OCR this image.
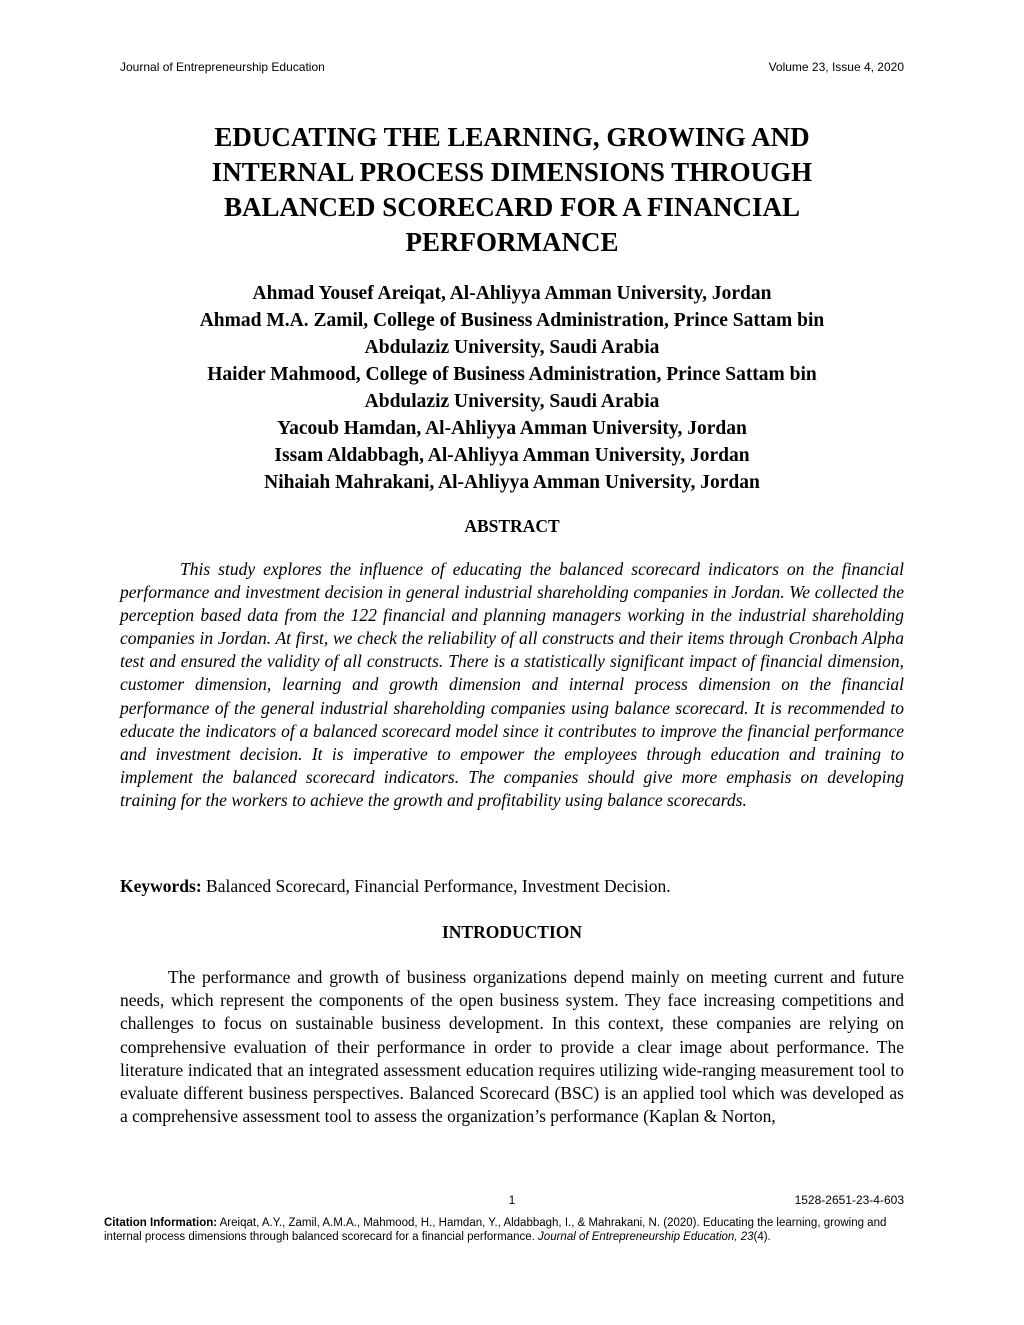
Journal of Entrepreneurship Education	Volume 23, Issue 4, 2020
EDUCATING THE LEARNING, GROWING AND
INTERNAL PROCESS DIMENSIONS THROUGH
BALANCED SCORECARD FOR A FINANCIAL
PERFORMANCE
Ahmad Yousef Areiqat, Al-Ahliyya Amman University, Jordan
Ahmad M.A. Zamil, College of Business Administration, Prince Sattam bin
Abdulaziz University, Saudi Arabia
Haider Mahmood, College of Business Administration, Prince Sattam bin
Abdulaziz University, Saudi Arabia
Yacoub Hamdan, Al-Ahliyya Amman University, Jordan
Issam Aldabbagh, Al-Ahliyya Amman University, Jordan
Nihaiah Mahrakani, Al-Ahliyya Amman University, Jordan
ABSTRACT

This study explores the influence of educating the balanced scorecard indicators on the financial performance and investment decision in general industrial shareholding companies in Jordan. We collected the perception based data from the 122 financial and planning managers working in the industrial shareholding companies in Jordan. At first, we check the reliability of all constructs and their items through Cronbach Alpha test and ensured the validity of all constructs. There is a statistically significant impact of financial dimension, customer dimension, learning and growth dimension and internal process dimension on the financial performance of the general industrial shareholding companies using balance scorecard. It is recommended to educate the indicators of a balanced scorecard model since it contributes to improve the financial performance and investment decision. It is imperative to empower the employees through education and training to implement the balanced scorecard indicators. The companies should give more emphasis on developing training for the workers to achieve the growth and profitability using balance scorecards.

Keywords: Balanced Scorecard, Financial Performance, Investment Decision.
INTRODUCTION

The performance and growth of business organizations depend mainly on meeting current and future needs, which represent the components of the open business system. They face increasing competitions and challenges to focus on sustainable business development. In this context, these companies are relying on comprehensive evaluation of their performance in order to provide a clear image about performance. The literature indicated that an integrated assessment education requires utilizing wide-ranging measurement tool to evaluate different business perspectives. Balanced Scorecard (BSC) is an applied tool which was developed as a comprehensive assessment tool to assess the organization’s performance (Kaplan & Norton,

1	1528-2651-23-4-603
Citation Information: Areiqat, A.Y., Zamil, A.M.A., Mahmood, H., Hamdan, Y., Aldabbagh, I., & Mahrakani, N. (2020). Educating the learning, growing and internal process dimensions through balanced scorecard for a financial performance. Journal of Entrepreneurship Education, 23(4).
